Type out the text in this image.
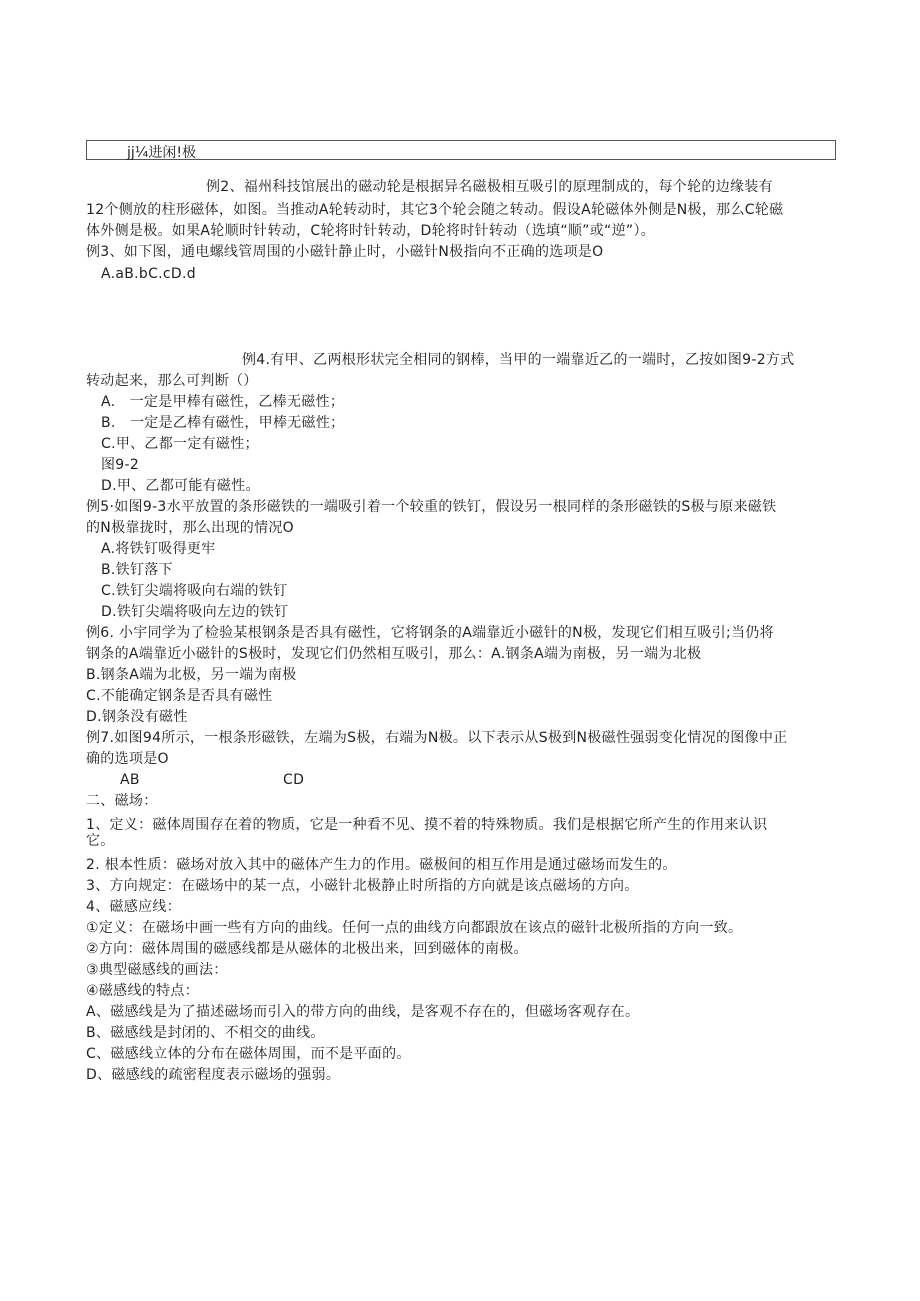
jj¼进闲!极
例2、福州科技馆展出的磁动轮是根据异名磁极相互吸引的原理制成的，每个轮的边缘装有
12个侧放的柱形磁体，如图。当推动A轮转动时，其它3个轮会随之转动。假设A轮磁体外侧是N极，那么C轮磁
体外侧是极。如果A轮顺时针转动，C轮将时针转动，D轮将时针转动（选填“顺”或“逆”）。
例3、如下图，通电螺线管周围的小磁针静止时，小磁针N极指向不正确的选项是O
A.aB.bC.cD.d
例4.有甲、乙两根形状完全相同的钢棒，当甲的一端靠近乙的一端时，乙按如图9-2方式
转动起来，那么可判断（）
A.　一定是甲棒有磁性，乙棒无磁性；
B.　一定是乙棒有磁性，甲棒无磁性；
C.甲、乙都一定有磁性；
图9-2
D.甲、乙都可能有磁性。
例5·如图9-3水平放置的条形磁铁的一端吸引着一个较重的铁钉，假设另一根同样的条形磁铁的S极与原来磁铁
的N极靠拢时，那么出现的情况O
A.将铁钉吸得更牢
B.铁钉落下
C.铁钉尖端将吸向右端的铁钉
D.铁钉尖端将吸向左边的铁钉
例6. 小宇同学为了检验某根钢条是否具有磁性，它将钢条的A端靠近小磁针的N极，发现它们相互吸引;当仍将
钢条的A端靠近小磁针的S极时，发现它们仍然相互吸引，那么：A.钢条A端为南极，另一端为北极
B.钢条A端为北极，另一端为南极
C.不能确定钢条是否具有磁性
D.钢条没有磁性
例7.如图94所示，一根条形磁铁，左端为S极，右端为N极。以下表示从S极到N极磁性强弱变化情况的图像中正
确的选项是O
AB	CD
二、磁场：
1、定义：磁体周围存在着的物质，它是一种看不见、摸不着的特殊物质。我们是根据它所产生的作用来认识
它。
2. 根本性质：磁场对放入其中的磁体产生力的作用。磁极间的相互作用是通过磁场而发生的。
3、方向规定：在磁场中的某一点，小磁针北极静止时所指的方向就是该点磁场的方向。
4、磁感应线：
①定义：在磁场中画一些有方向的曲线。任何一点的曲线方向都跟放在该点的磁针北极所指的方向一致。
②方向：磁体周围的磁感线都是从磁体的北极出来，回到磁体的南极。
③典型磁感线的画法：
④磁感线的特点：
A、磁感线是为了描述磁场而引入的带方向的曲线，是客观不存在的，但磁场客观存在。
B、磁感线是封闭的、不相交的曲线。
C、磁感线立体的分布在磁体周围，而不是平面的。
D、磁感线的疏密程度表示磁场的强弱。
